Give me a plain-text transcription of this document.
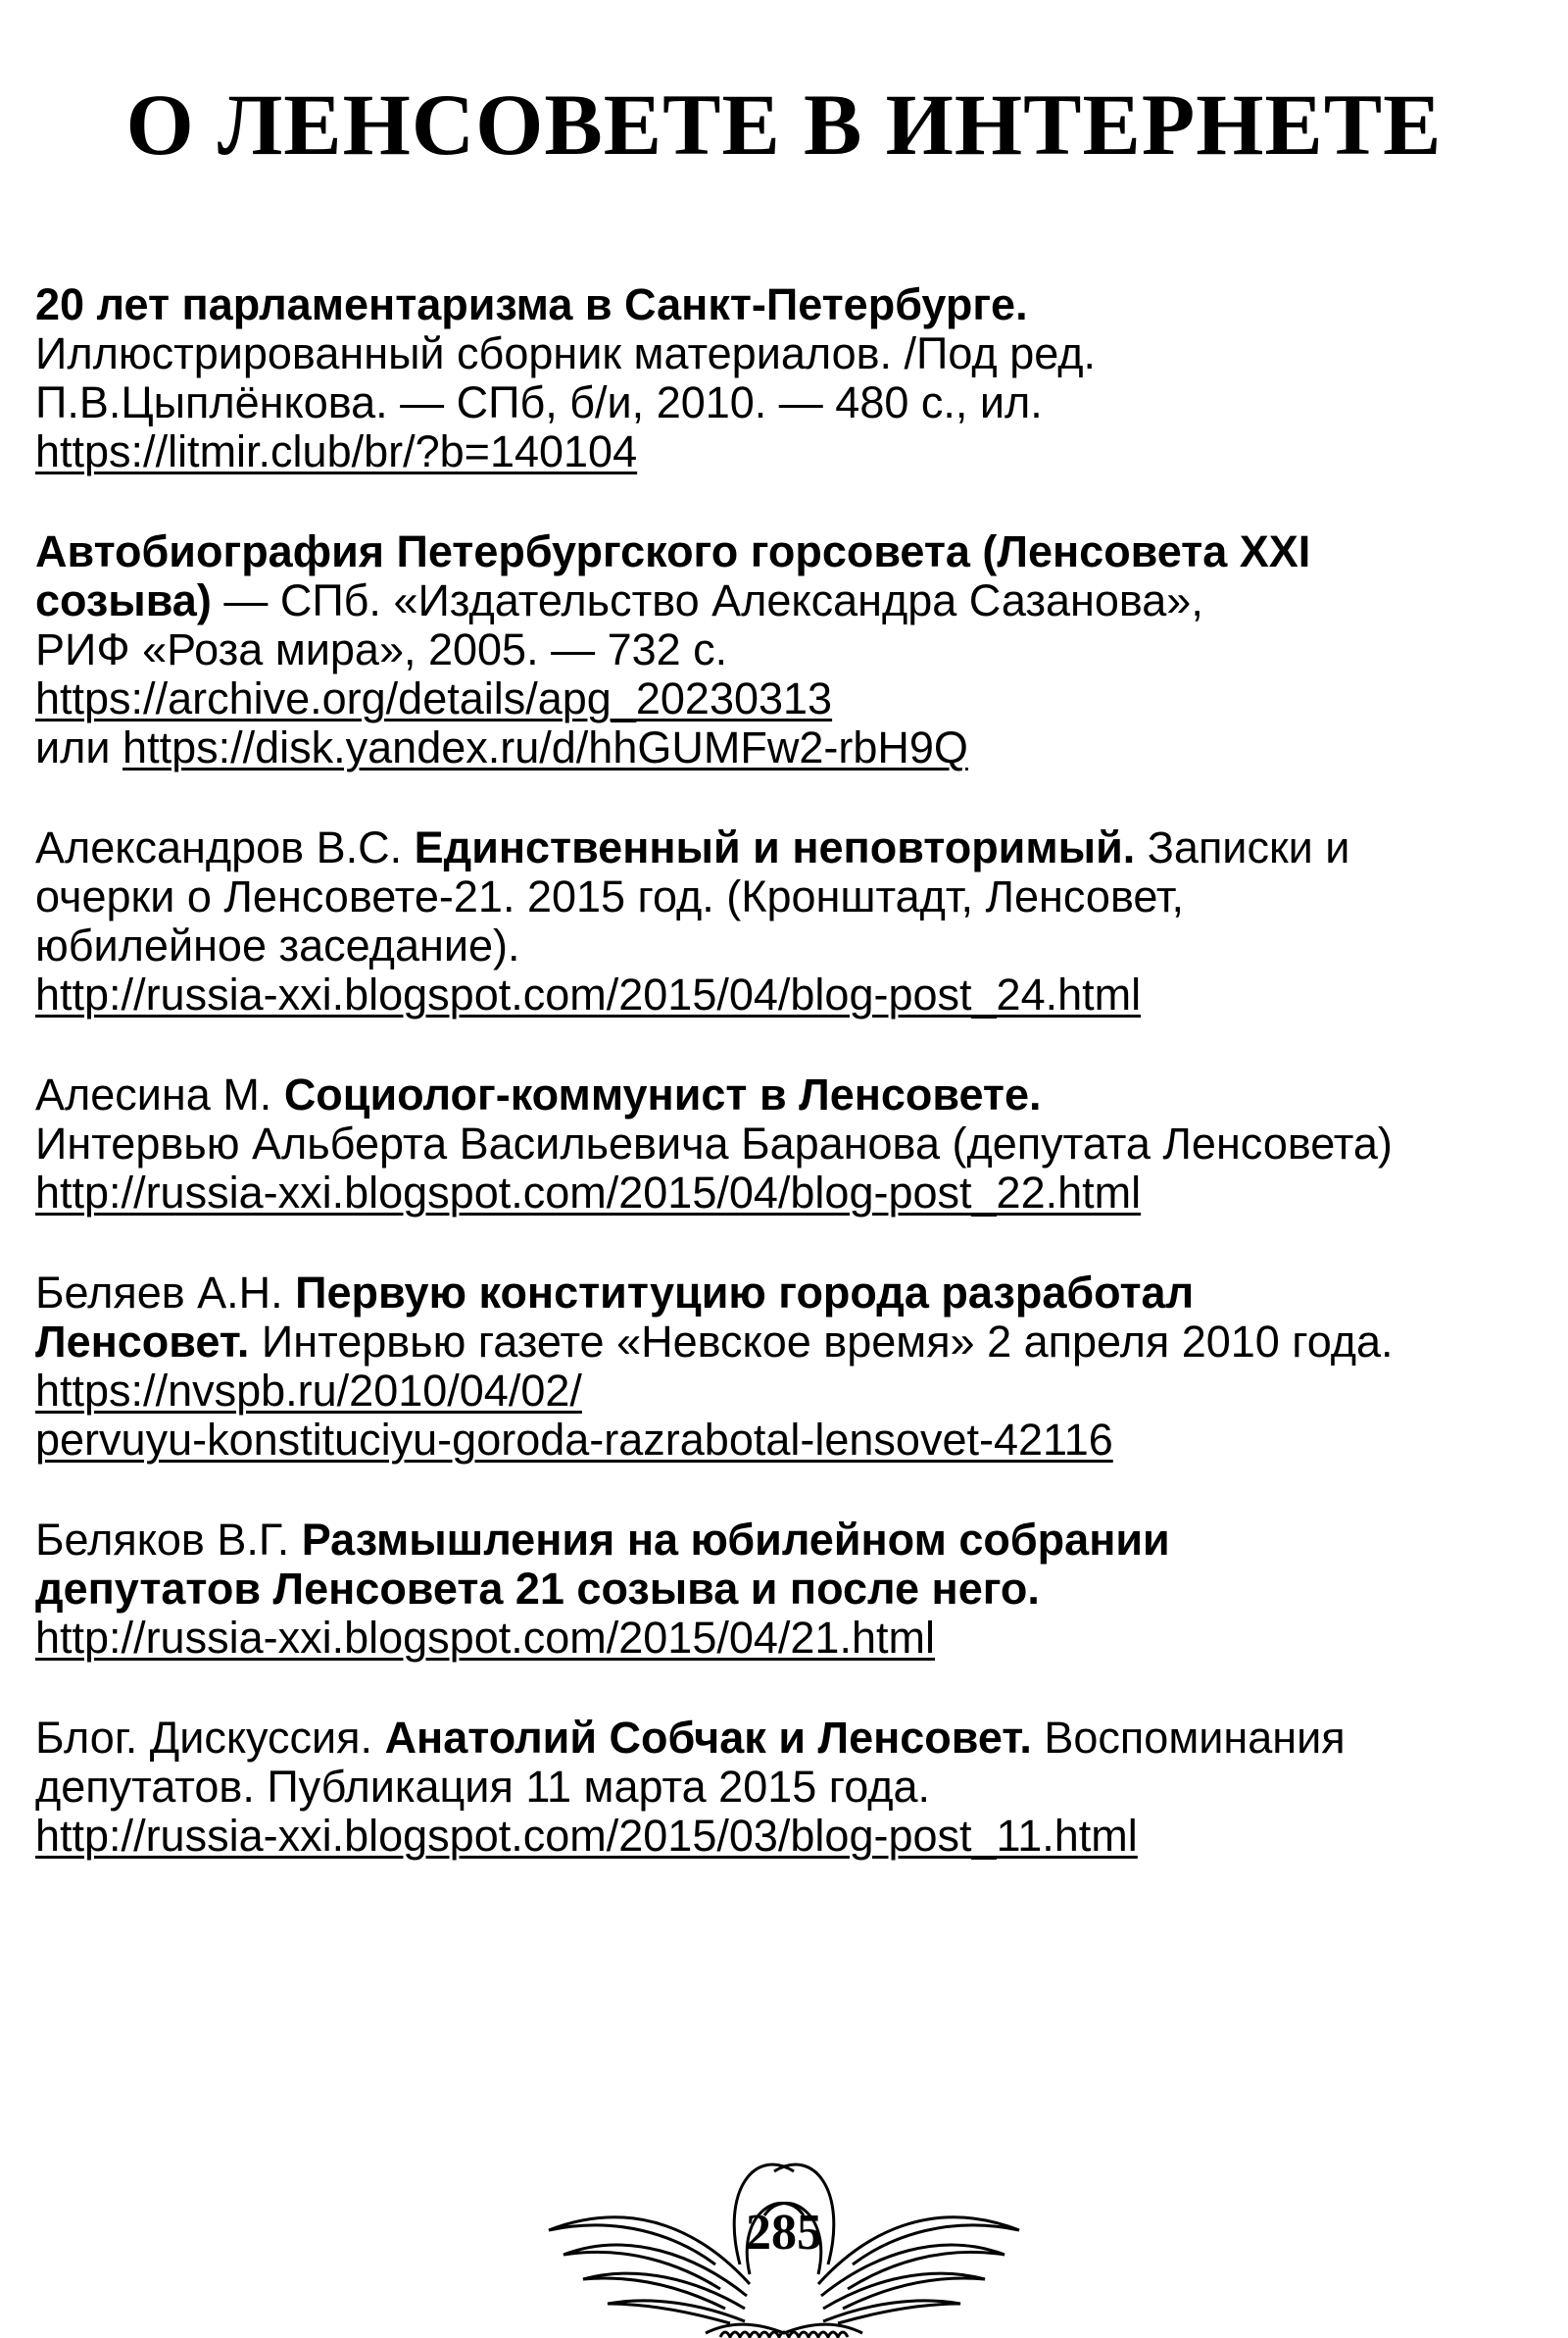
О ЛЕНСОВЕТЕ В ИНТЕРНЕТЕ

20 лет парламентаризма в Санкт-Петербурге.

Иллюстрированный сборник материалов. /Под ред.

П.В.Цыплёнкова. — СПб, б/и, 2010. — 480 с., ил.

https://litmir.club/br/?b=140104

Автобиография Петербургского горсовета (Ленсовета XXI

созыва) — СПб. «Издательство Александра Сазанова»,

РИФ «Роза мира», 2005. — 732 с.

https://archive.org/details/apg_20230313

или https://disk.yandex.ru/d/hhGUMFw2-rbH9Q

Александров В.С. Единственный и неповторимый. Записки и

очерки о Ленсовете-21. 2015 год. (Кронштадт, Ленсовет,

юбилейное заседание).

http://russia-xxi.blogspot.com/2015/04/blog-post_24.html

Алесина М. Социолог-коммунист в Ленсовете.

Интервью Альберта Васильевича Баранова (депутата Ленсовета)

http://russia-xxi.blogspot.com/2015/04/blog-post_22.html

Беляев А.Н. Первую конституцию города разработал

Ленсовет. Интервью газете «Невское время» 2 апреля 2010 года.

https://nvspb.ru/2010/04/02/

pervuyu-konstituciyu-goroda-razrabotal-lensovet-42116

Беляков В.Г. Размышления на юбилейном собрании

депутатов Ленсовета 21 созыва и после него.

http://russia-xxi.blogspot.com/2015/04/21.html

Блог. Дискуссия. Анатолий Собчак и Ленсовет. Воспоминания

депутатов. Публикация 11 марта 2015 года.

http://russia-xxi.blogspot.com/2015/03/blog-post_11.html

285
